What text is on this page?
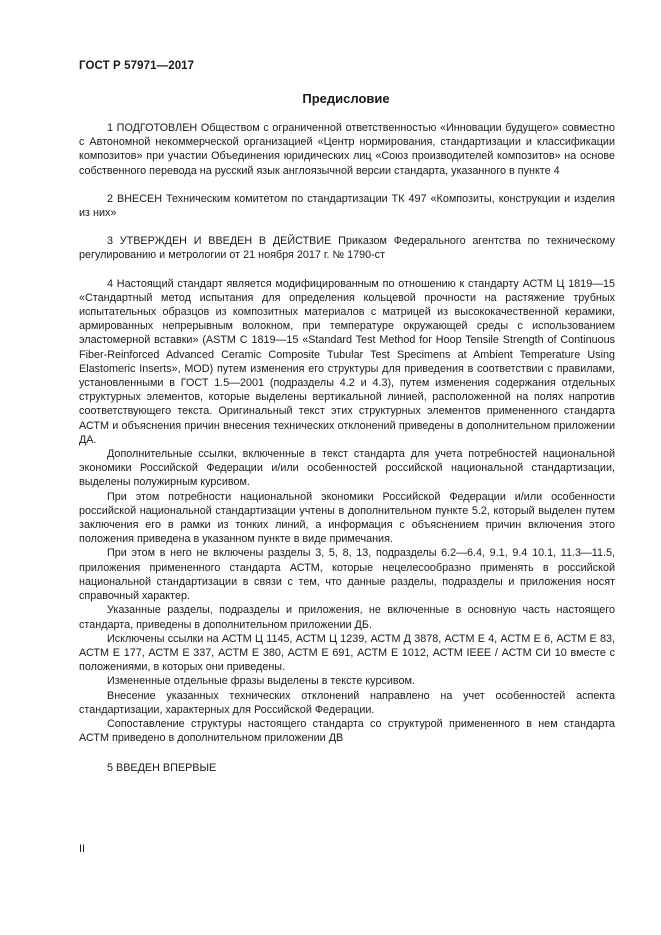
ГОСТ Р 57971—2017
Предисловие

1 ПОДГОТОВЛЕН Обществом с ограниченной ответственностью «Инновации будущего» совместно с Автономной некоммерческой организацией «Центр нормирования, стандартизации и классификации композитов» при участии Объединения юридических лиц «Союз производителей композитов» на основе собственного перевода на русский язык англоязычной версии стандарта, указанного в пункте 4

2 ВНЕСЕН Техническим комитетом по стандартизации ТК 497 «Композиты, конструкции и изделия из них»

3 УТВЕРЖДЕН И ВВЕДЕН В ДЕЙСТВИЕ Приказом Федерального агентства по техническому регулированию и метрологии от 21 ноября 2017 г. № 1790-ст

4 Настоящий стандарт является модифицированным по отношению к стандарту АСТМ Ц 1819—15 «Стандартный метод испытания для определения кольцевой прочности на растяжение трубных испытательных образцов из композитных материалов с матрицей из высококачественной керамики, армированных непрерывным волокном, при температуре окружающей среды с использованием эластомерной вставки» (ASTM C 1819—15 «Standard Test Method for Hoop Tensile Strength of Continuous Fiber-Reinforced Advanced Ceramic Composite Tubular Test Specimens at Ambient Temperature Using Elastomeric Inserts», MOD) путем изменения его структуры для приведения в соответствии с правилами, установленными в ГОСТ 1.5—2001 (подразделы 4.2 и 4.3), путем изменения содержания отдельных структурных элементов, которые выделены вертикальной линией, расположенной на полях напротив соответствующего текста. Оригинальный текст этих структурных элементов примененного стандарта АСТМ и объяснения причин внесения технических отклонений приведены в дополнительном приложении ДА.

Дополнительные ссылки, включенные в текст стандарта для учета потребностей национальной экономики Российской Федерации и/или особенностей российской национальной стандартизации, выделены полужирным курсивом.

При этом потребности национальной экономики Российской Федерации и/или особенности российской национальной стандартизации учтены в дополнительном пункте 5.2, который выделен путем заключения его в рамки из тонких линий, а информация с объяснением причин включения этого положения приведена в указанном пункте в виде примечания.

При этом в него не включены разделы 3, 5, 8, 13, подразделы 6.2—6.4, 9.1, 9.4 10.1, 11.3—11.5, приложения примененного стандарта АСТМ, которые нецелесообразно применять в российской национальной стандартизации в связи с тем, что данные разделы, подразделы и приложения носят справочный характер.

Указанные разделы, подразделы и приложения, не включенные в основную часть настоящего стандарта, приведены в дополнительном приложении ДБ.

Исключены ссылки на АСТМ Ц 1145, АСТМ Ц 1239, АСТМ Д 3878, АСТМ Е 4, АСТМ Е 6, АСТМ Е 83, АСТМ Е 177, АСТМ Е 337, АСТМ Е 380, АСТМ Е 691, АСТМ Е 1012, АСТМ IEEE / АСТМ СИ 10 вместе с положениями, в которых они приведены.

Измененные отдельные фразы выделены в тексте курсивом.

Внесение указанных технических отклонений направлено на учет особенностей аспекта стандартизации, характерных для Российской Федерации.

Сопоставление структуры настоящего стандарта со структурой примененного в нем стандарта АСТМ приведено в дополнительном приложении ДВ

5 ВВЕДЕН ВПЕРВЫЕ

II
